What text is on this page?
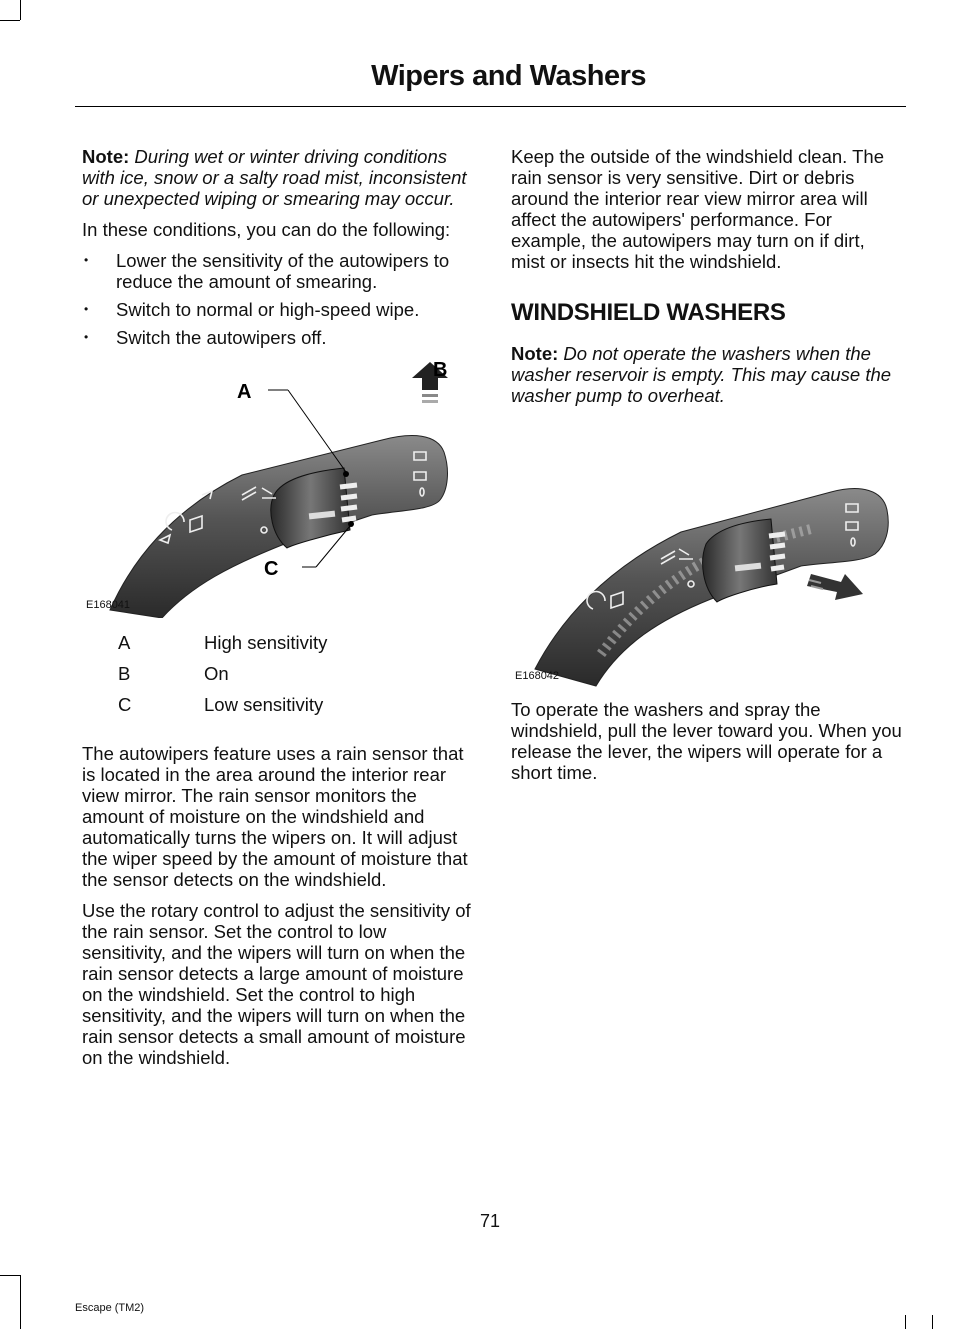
Wipers and Washers

Note: During wet or winter driving conditions with ice, snow or a salty road mist, inconsistent or unexpected wiping or smearing may occur.

In these conditions, you can do the following:

• Lower the sensitivity of the autowipers to reduce the amount of smearing.
• Switch to normal or high-speed wipe.
• Switch the autowipers off.
A
B
C
E168041
A	High sensitivity
B	On
C	Low sensitivity

The autowipers feature uses a rain sensor that is located in the area around the interior rear view mirror. The rain sensor monitors the amount of moisture on the windshield and automatically turns the wipers on. It will adjust the wiper speed by the amount of moisture that the sensor detects on the windshield.

Use the rotary control to adjust the sensitivity of the rain sensor. Set the control to low sensitivity, and the wipers will turn on when the rain sensor detects a large amount of moisture on the windshield. Set the control to high sensitivity, and the wipers will turn on when the rain sensor detects a small amount of moisture on the windshield.

Keep the outside of the windshield clean. The rain sensor is very sensitive. Dirt or debris around the interior rear view mirror area will affect the autowipers' performance. For example, the autowipers may turn on if dirt, mist or insects hit the windshield.

WINDSHIELD WASHERS

Note: Do not operate the washers when the washer reservoir is empty. This may cause the washer pump to overheat.

E168042

To operate the washers and spray the windshield, pull the lever toward you. When you release the lever, the wipers will operate for a short time.

71
Escape (TM2)
